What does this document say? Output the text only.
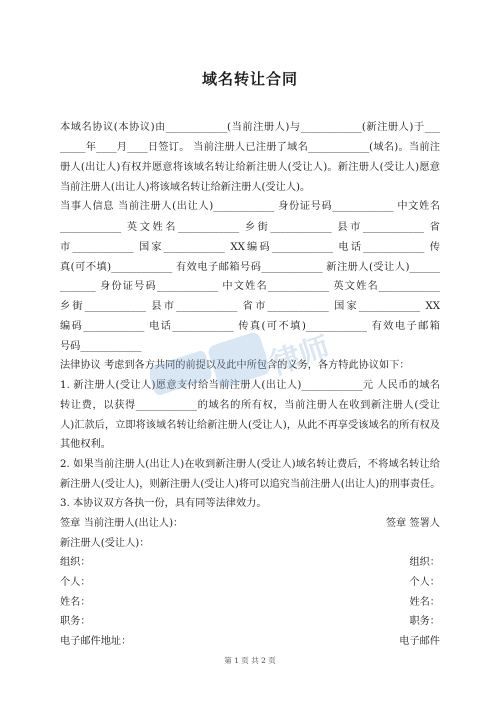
域名转让合同
本域名协议(本协议)由____________(当前注册人)与____________(新注册人)于___
_____年____月____日签订。 当前注册人已注册了域名____________(域名)。当前注
册人(出让人)有权并愿意将该域名转让给新注册人(受让人)。新注册人(受让人)愿意
当前注册人(出让人)将该域名转让给新注册人(受让人)。
当事人信息 当前注册人(出让人)____________ 身份证号码____________ 中文姓名
____________ 英文姓名____________ 乡街____________ 县市____________ 省
市____________ 国家____________ XX编码____________ 电话____________ 传
真(可不填)____________ 有效电子邮箱号码____________ 新注册人(受让人)______
_______ 身份证号码____________ 中文姓名____________ 英文姓名____________
乡街____________ 县市____________ 省市____________ 国家____________ XX
编码____________ 电话____________ 传真(可不填)____________ 有效电子邮箱
号码____________
法律协议 考虑到各方共同的前提以及此中所包含的义务，各方特此协议如下：
1. 新注册人(受让人)愿意支付给当前注册人(出让人)____________元 人民币的域名
转让费，以获得____________的域名的所有权，当前注册人在收到新注册人(受让
人)汇款后，立即将该域名转让给新注册人(受让人)，从此不再享受该域名的所有权及
其他权利。
2. 如果当前注册人(出让人)在收到新注册人(受让人)域名转让费后，不将域名转让给
新注册人(受让人)，则新注册人(受让人)将可以追究当前注册人(出让人)的刑事责任。
3. 本协议双方各执一份，具有同等法律效力。
签章 当前注册人(出让人)：	签章 签署人
新注册人(受让人)：
组织：	组织：
个人：	个人：
姓名：	姓名：
职务：	职务：
电子邮件地址：	电子邮件
第 1 页 共 2 页
律师
